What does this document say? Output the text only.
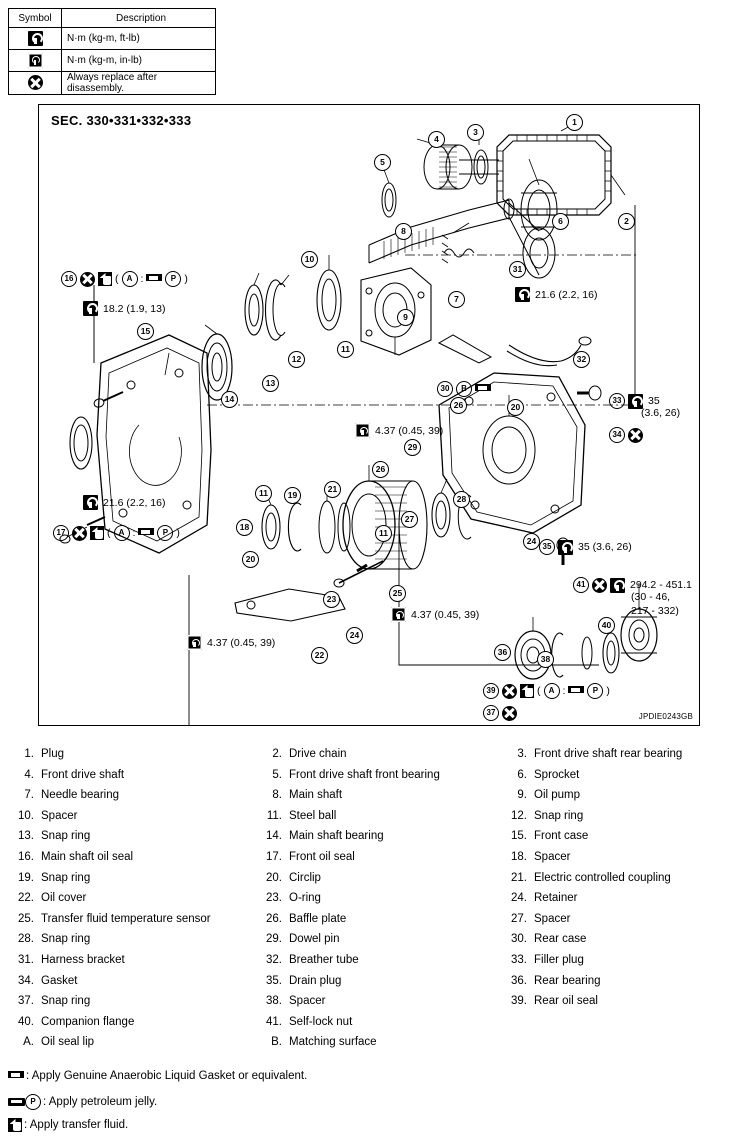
Symbol	Description
	N·m (kg-m, ft-lb)
	N·m (kg-m, in-lb)
	Always replace after disassembly.
SEC. 330•331•332•333
JPDIE0243GB
16	(	A :	P )
18.2 (1.9, 13)
21.6 (2.2, 16)
17	(	A :	P )
21.6 (2.2, 16)
33	35
(3.6, 26)
34
35	35 (3.6, 26)
4.37 (0.45, 39)
4.37 (0.45, 39)
4.37 (0.45, 39)
30	B
41	294.2 - 451.1
(30 - 46,
217 - 332)
39	(	A :	P )
37
1
2
3
4
5
6
7
8
9
10
11
12
13
14
15
11
18
19
20
21
22
23
24
25
26
27
28
29
31
32
24
11
20
26
36
38
40
1. Plug	2. Drive chain	3. Front drive shaft rear bearing
4. Front drive shaft	5. Front drive shaft front bearing	6. Sprocket
7. Needle bearing	8. Main shaft	9. Oil pump
10. Spacer	11. Steel ball	12. Snap ring
13. Snap ring	14. Main shaft bearing	15. Front case
16. Main shaft oil seal	17. Front oil seal	18. Spacer
19. Snap ring	20. Circlip	21. Electric controlled coupling
22. Oil cover	23. O-ring	24. Retainer
25. Transfer fluid temperature sensor	26. Baffle plate	27. Spacer
28. Snap ring	29. Dowel pin	30. Rear case
31. Harness bracket	32. Breather tube	33. Filler plug
34. Gasket	35. Drain plug	36. Rear bearing
37. Snap ring	38. Spacer	39. Rear oil seal
40. Companion flange	41. Self-lock nut
A. Oil seal lip	B. Matching surface
: Apply Genuine Anaerobic Liquid Gasket or equivalent.
P : Apply petroleum jelly.
: Apply transfer fluid.
